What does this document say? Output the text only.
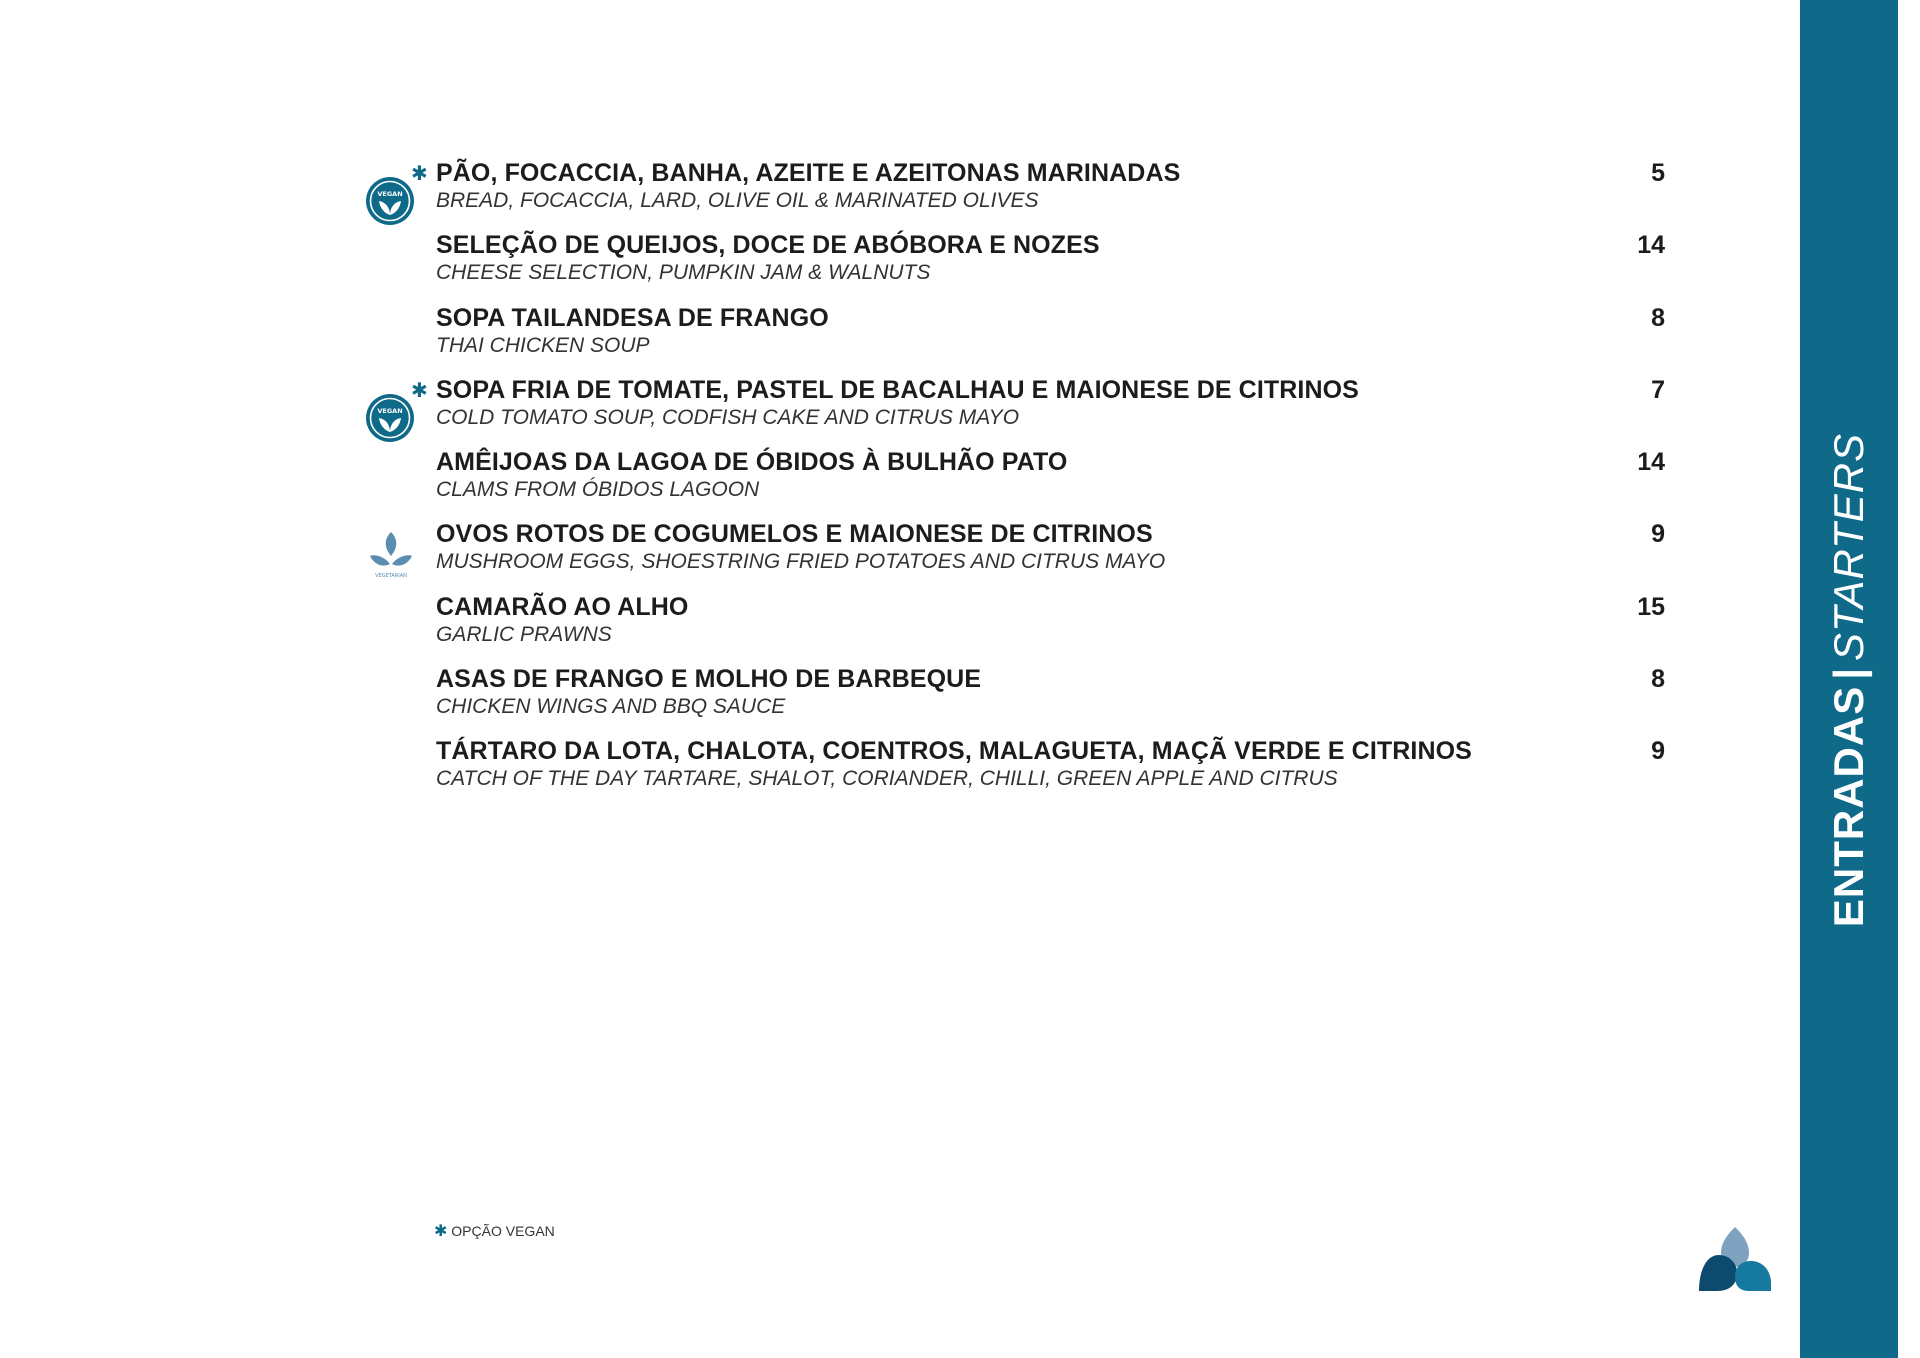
ENTRADAS|STARTERS
✱
VEGAN
PÃO, FOCACCIA, BANHA, AZEITE E AZEITONAS MARINADAS
BREAD, FOCACCIA, LARD, OLIVE OIL & MARINATED OLIVES
5
SELEÇÃO DE QUEIJOS, DOCE DE ABÓBORA E NOZES
CHEESE SELECTION, PUMPKIN JAM & WALNUTS
14
SOPA TAILANDESA DE FRANGO
THAI CHICKEN SOUP
8
✱
VEGAN
SOPA FRIA DE TOMATE, PASTEL DE BACALHAU E MAIONESE DE CITRINOS
COLD TOMATO SOUP, CODFISH CAKE AND CITRUS MAYO
7
AMÊIJOAS DA LAGOA DE ÓBIDOS À BULHÃO PATO
CLAMS FROM ÓBIDOS LAGOON
14
VEGETARIAN
OVOS ROTOS DE COGUMELOS E MAIONESE DE CITRINOS
MUSHROOM EGGS, SHOESTRING FRIED POTATOES AND CITRUS MAYO
9
CAMARÃO AO ALHO
GARLIC PRAWNS
15
ASAS DE FRANGO E MOLHO DE BARBEQUE
CHICKEN WINGS AND BBQ SAUCE
8
TÁRTARO DA LOTA, CHALOTA, COENTROS, MALAGUETA, MAÇÃ VERDE E CITRINOS
CATCH OF THE DAY TARTARE, SHALOT, CORIANDER, CHILLI, GREEN APPLE AND CITRUS
9
✱ OPÇÃO VEGAN
